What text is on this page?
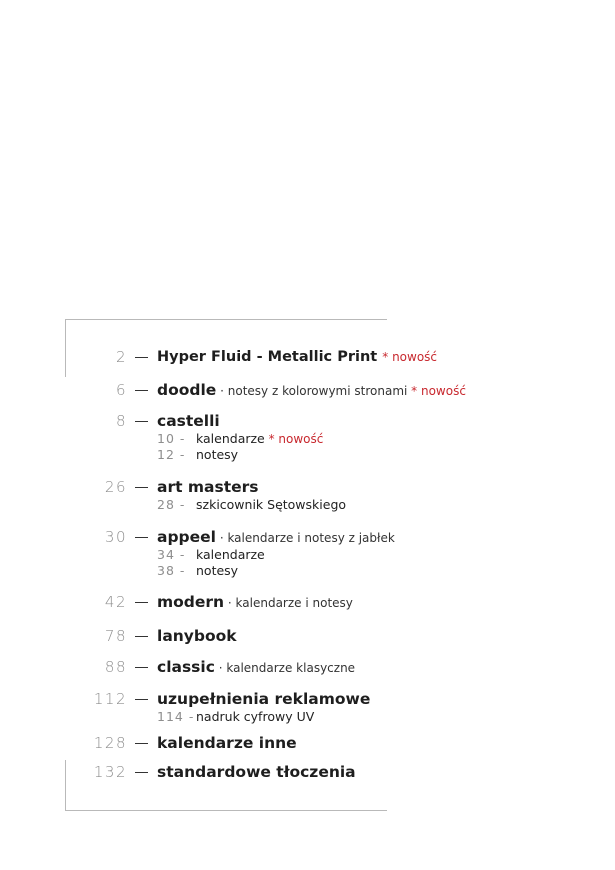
2 Hyper Fluid - Metallic Print * nowość
6 doodle · notesy z kolorowymi stronami * nowość
8 castelli
10 - kalendarze * nowość
12 - notesy
26 art masters
28 - szkicownik Sętowskiego
30 appeel · kalendarze i notesy z jabłek
34 - kalendarze
38 - notesy
42 modern · kalendarze i notesy
78 lanybook
88 classic · kalendarze klasyczne
112 uzupełnienia reklamowe
114 - nadruk cyfrowy UV
128 kalendarze inne
132 standardowe tłoczenia
